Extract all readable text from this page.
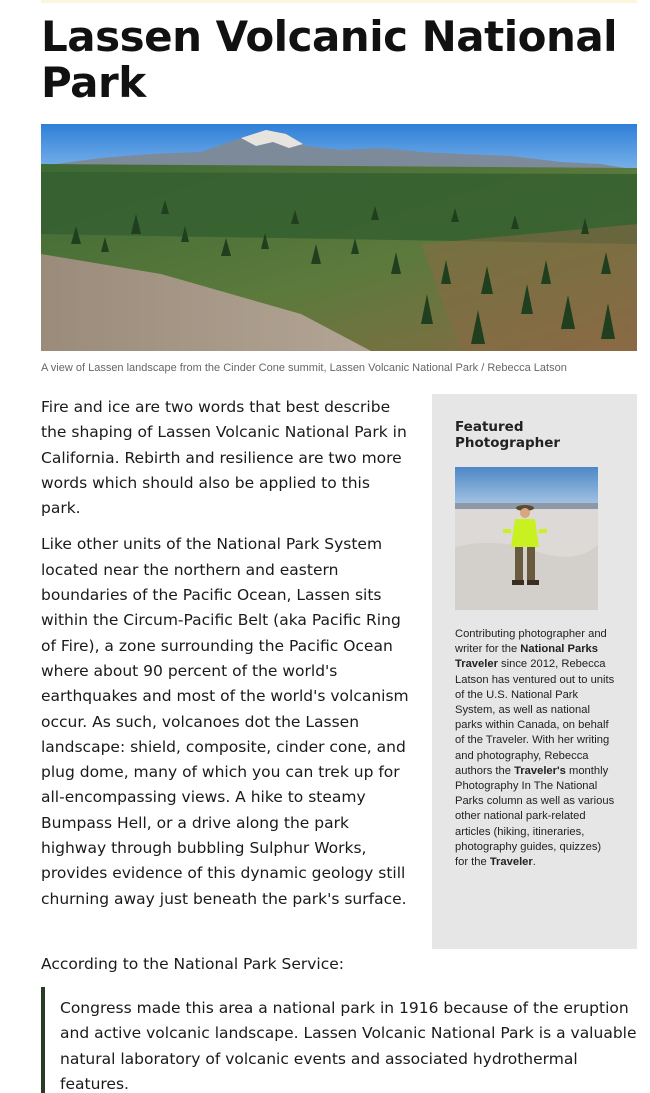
Lassen Volcanic National Park
A view of Lassen landscape from the Cinder Cone summit, Lassen Volcanic National Park / Rebecca Latson

Fire and ice are two words that best describe the shaping of Lassen Volcanic National Park in California. Rebirth and resilience are two more words which should also be applied to this park.

Like other units of the National Park System located near the northern and eastern boundaries of the Pacific Ocean, Lassen sits within the Circum-Pacific Belt (aka Pacific Ring of Fire), a zone surrounding the Pacific Ocean where about 90 percent of the world's earthquakes and most of the world's volcanism occur. As such, volcanoes dot the Lassen landscape: shield, composite, cinder cone, and plug dome, many of which you can trek up for all-encompassing views. A hike to steamy Bumpass Hell, or a drive along the park highway through bubbling Sulphur Works, provides evidence of this dynamic geology still churning away just beneath the park's surface.

Featured Photographer

Contributing photographer and writer for the National Parks Traveler since 2012, Rebecca Latson has ventured out to units of the U.S. National Park System, as well as national parks within Canada, on behalf of the Traveler. With her writing and photography, Rebecca authors the Traveler's monthly Photography In The National Parks column as well as various other national park-related articles (hiking, itineraries, photography guides, quizzes) for the Traveler.

According to the National Park Service:

Congress made this area a national park in 1916 because of the eruption and active volcanic landscape. Lassen Volcanic National Park is a valuable natural laboratory of volcanic events and associated hydrothermal features.
